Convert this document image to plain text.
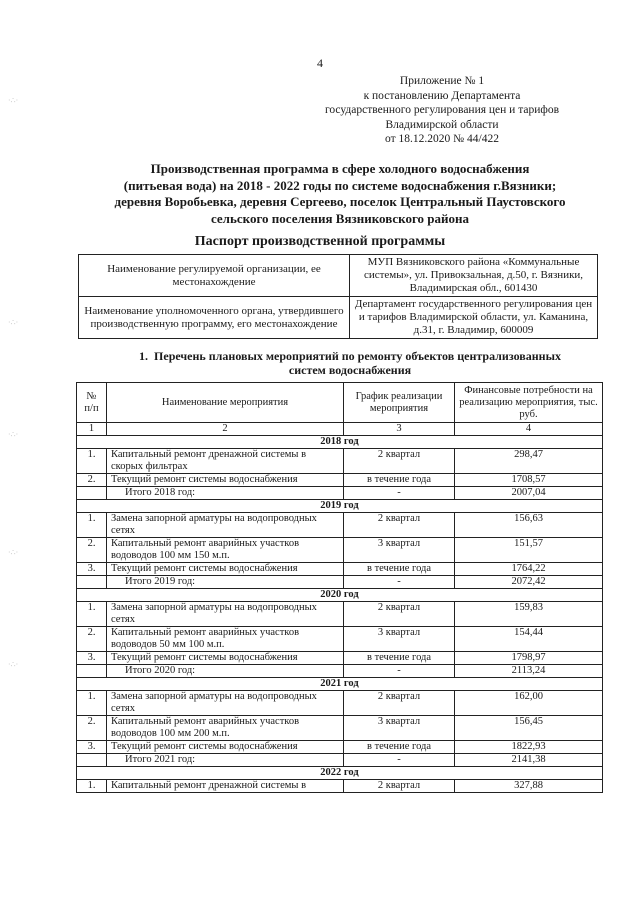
4
Приложение № 1
к постановлению Департамента
государственного регулирования цен и тарифов
Владимирской области
от 18.12.2020 № 44/422
Производственная программа в сфере холодного водоснабжения
(питьевая вода) на 2018 - 2022 годы по системе водоснабжения г.Вязники;
деревня Воробьевка, деревня Сергеево, поселок Центральный Паустовского
сельского поселения Вязниковского района
Паспорт производственной программы
Наименование регулируемой организации, ее местонахождение	МУП Вязниковского района «Коммунальные системы», ул. Привокзальная, д.50, г. Вязники, Владимирская обл., 601430
Наименование уполномоченного органа, утвердившего производственную программу, его местонахождение	Департамент государственного регулирования цен и тарифов Владимирской области, ул. Каманина, д.31, г. Владимир, 600009
1. Перечень плановых мероприятий по ремонту объектов централизованных систем водоснабжения
№ п/п	Наименование мероприятия	График реализации мероприятия	Финансовые потребности на реализацию мероприятия, тыс. руб.
1	2	3	4
2018 год			
1.	Капитальный ремонт дренажной системы в скорых фильтрах	2 квартал	298,47
2.	Текущий ремонт системы водоснабжения	в течение года	1708,57
	Итого 2018 год:	-	2007,04
2019 год			
1.	Замена запорной арматуры на водопроводных сетях	2 квартал	156,63
2.	Капитальный ремонт аварийных участков водоводов 100 мм 150 м.п.	3 квартал	151,57
3.	Текущий ремонт системы водоснабжения	в течение года	1764,22
	Итого 2019 год:	-	2072,42
2020 год			
1.	Замена запорной арматуры на водопроводных сетях	2 квартал	159,83
2.	Капитальный ремонт аварийных участков водоводов 50 мм 100 м.п.	3 квартал	154,44
3.	Текущий ремонт системы водоснабжения	в течение года	1798,97
	Итого 2020 год:	-	2113,24
2021 год			
1.	Замена запорной арматуры на водопроводных сетях	2 квартал	162,00
2.	Капитальный ремонт аварийных участков водоводов 100 мм 200 м.п.	3 квартал	156,45
3.	Текущий ремонт системы водоснабжения	в течение года	1822,93
	Итого 2021 год:	-	2141,38
2022 год			
1.	Капитальный ремонт дренажной системы в	2 квартал	327,88
·∴·
·∴·
·∴·
·∴·
·∴·
